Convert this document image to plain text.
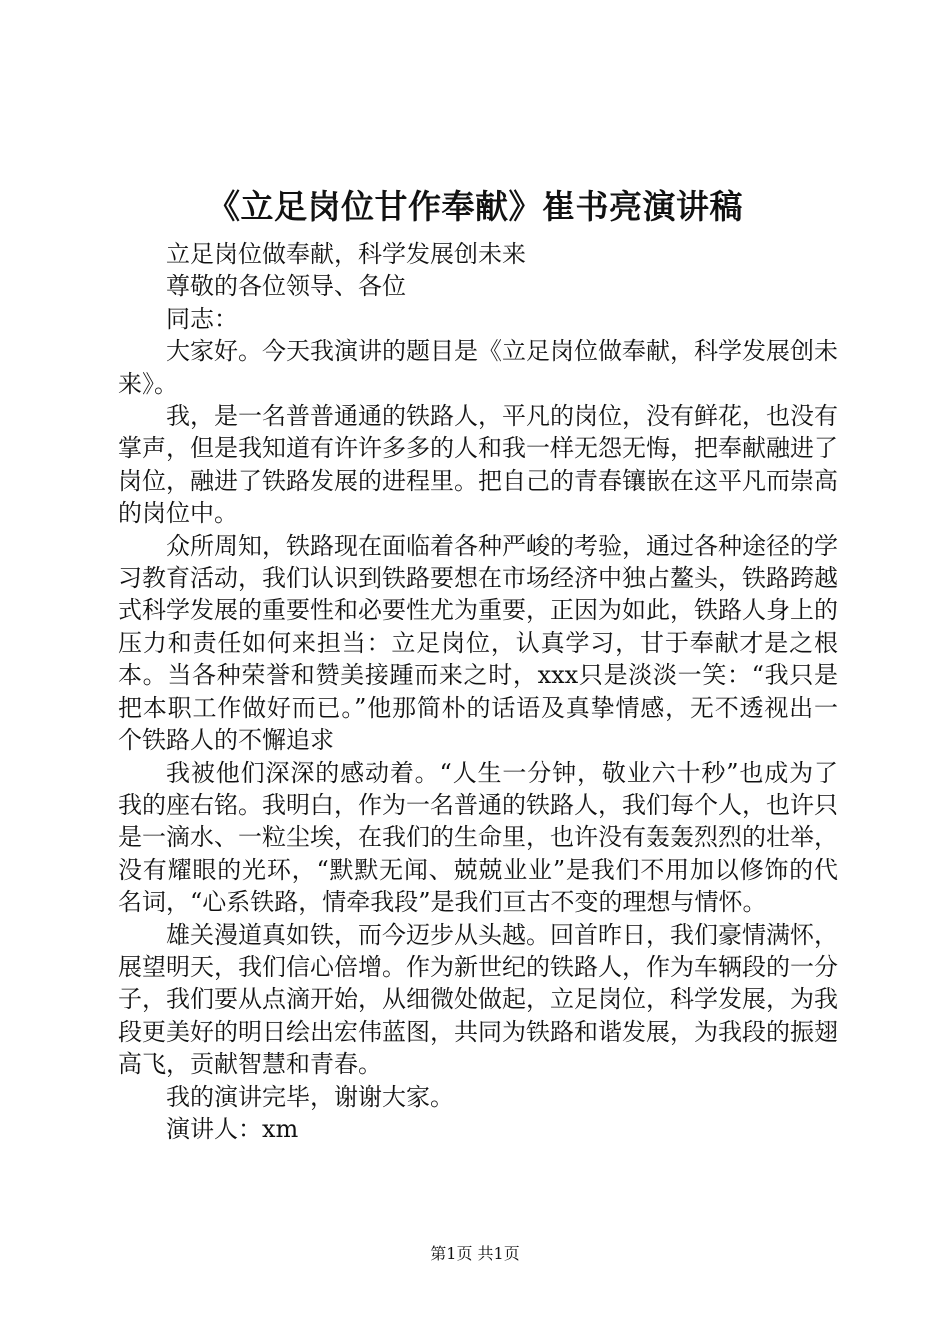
《立足岗位甘作奉献》崔书亮演讲稿

立足岗位做奉献，科学发展创未来

尊敬的各位领导、各位

同志：

大家好。今天我演讲的题目是《立足岗位做奉献，科学发展创未来》。

我，是一名普普通通的铁路人，平凡的岗位，没有鲜花，也没有掌声，但是我知道有许许多多的人和我一样无怨无悔，把奉献融进了岗位，融进了铁路发展的进程里。把自己的青春镶嵌在这平凡而崇高的岗位中。

众所周知，铁路现在面临着各种严峻的考验，通过各种途径的学习教育活动，我们认识到铁路要想在市场经济中独占鳌头，铁路跨越式科学发展的重要性和必要性尤为重要，正因为如此，铁路人身上的压力和责任如何来担当：立足岗位，认真学习，甘于奉献才是之根本。当各种荣誉和赞美接踵而来之时，xxx只是淡淡一笑：“我只是把本职工作做好而已。”他那简朴的话语及真挚情感，无不透视出一个铁路人的不懈追求

我被他们深深的感动着。“人生一分钟，敬业六十秒”也成为了我的座右铭。我明白，作为一名普通的铁路人，我们每个人，也许只是一滴水、一粒尘埃，在我们的生命里，也许没有轰轰烈烈的壮举，没有耀眼的光环，“默默无闻、兢兢业业”是我们不用加以修饰的代名词，“心系铁路，情牵我段”是我们亘古不变的理想与情怀。

雄关漫道真如铁，而今迈步从头越。回首昨日，我们豪情满怀，展望明天，我们信心倍增。作为新世纪的铁路人，作为车辆段的一分子，我们要从点滴开始，从细微处做起，立足岗位，科学发展，为我段更美好的明日绘出宏伟蓝图，共同为铁路和谐发展，为我段的振翅高飞，贡献智慧和青春。

我的演讲完毕，谢谢大家。

演讲人：xm

第1页 共1页
